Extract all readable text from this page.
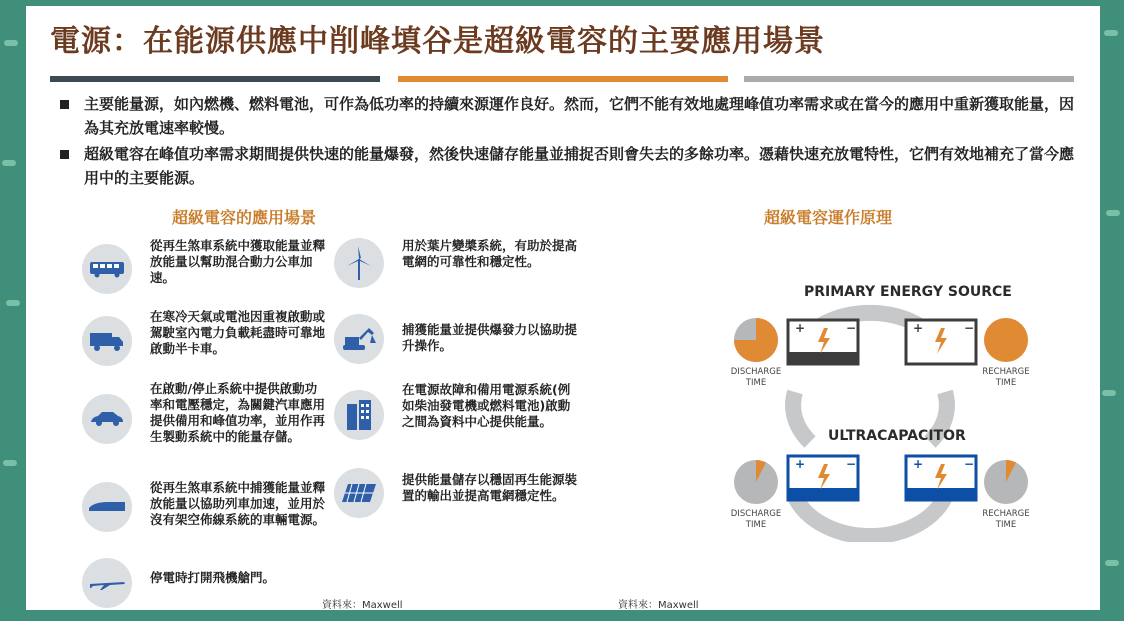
電源：在能源供應中削峰填谷是超級電容的主要應用場景
主要能量源，如內燃機、燃料電池，可作為低功率的持續來源運作良好。然而，它們不能有效地處理峰值功率需求或在當今的應用中重新獲取能量，因為其充放電速率較慢。
超級電容在峰值功率需求期間提供快速的能量爆發，然後快速儲存能量並捕捉否則會失去的多餘功率。憑藉快速充放電特性，它們有效地補充了當今應用中的主要能源。
超級電容的應用場景	超級電容運作原理
從再生煞車系統中獲取能量並釋放能量以幫助混合動力公車加速。
在寒冷天氣或電池因重複啟動或駕駛室內電力負載耗盡時可靠地啟動半卡車。
在啟動/停止系統中提供啟動功率和電壓穩定，為關鍵汽車應用提供備用和峰值功率，並用作再生製動系統中的能量存儲。
從再生煞車系統中捕獲能量並釋放能量以協助列車加速，並用於沒有架空佈線系統的車輛電源。
停電時打開飛機艙門。
用於葉片變槳系統，有助於提高電網的可靠性和穩定性。
捕獲能量並提供爆發力以協助提升操作。
在電源故障和備用電源系統(例如柴油發電機或燃料電池)啟動之間為資料中心提供能量。
提供能量儲存以穩固再生能源裝置的輸出並提高電網穩定性。
資料來：Maxwell
+	−	+	−
+	−	+	−
PRIMARY ENERGY SOURCE
ULTRACAPACITOR
DISCHARGE TIME
RECHARGE TIME
DISCHARGE TIME
RECHARGE TIME
資料來：Maxwell
